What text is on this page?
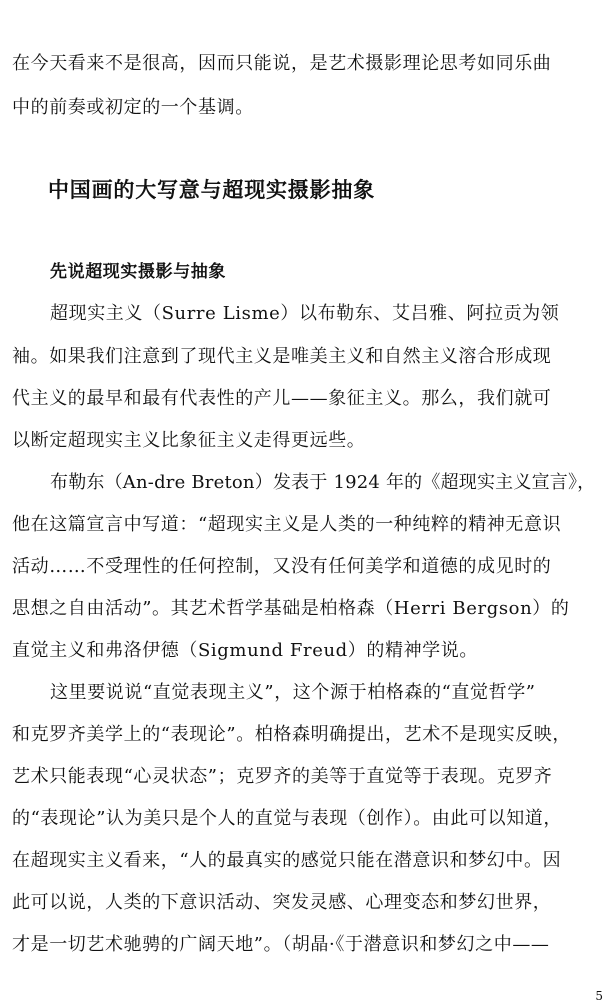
在今天看来不是很高，因而只能说，是艺术摄影理论思考如同乐曲
中的前奏或初定的一个基调。
中国画的大写意与超现实摄影抽象
先说超现实摄影与抽象
超现实主义（Surre Lisme）以布勒东、艾吕雅、阿拉贡为领
袖。如果我们注意到了现代主义是唯美主义和自然主义溶合形成现
代主义的最早和最有代表性的产儿——象征主义。那么，我们就可
以断定超现实主义比象征主义走得更远些。
布勒东（An-dre Breton）发表于 1924 年的《超现实主义宣言》，
他在这篇宣言中写道：“超现实主义是人类的一种纯粹的精神无意识
活动……不受理性的任何控制，又没有任何美学和道德的成见时的
思想之自由活动”。其艺术哲学基础是柏格森（Herri Bergson）的
直觉主义和弗洛伊德（Sigmund Freud）的精神学说。
这里要说说“直觉表现主义”，这个源于柏格森的“直觉哲学”
和克罗齐美学上的“表现论”。柏格森明确提出，艺术不是现实反映，
艺术只能表现“心灵状态”；克罗齐的美等于直觉等于表现。克罗齐
的“表现论”认为美只是个人的直觉与表现（创作）。由此可以知道，
在超现实主义看来，“人的最真实的感觉只能在潜意识和梦幻中。因
此可以说，人类的下意识活动、突发灵感、心理变态和梦幻世界，
才是一切艺术驰骋的广阔天地”。（胡晶·《于潜意识和梦幻之中——
5
